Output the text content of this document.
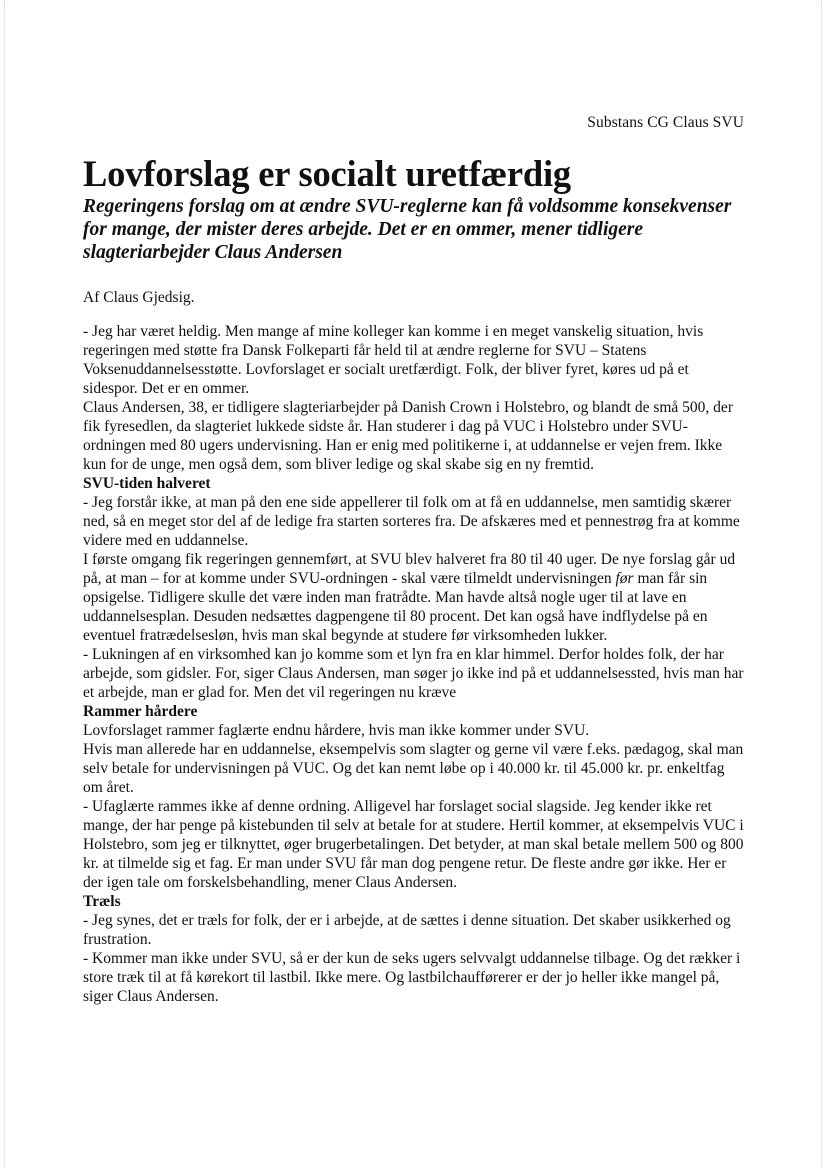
Substans CG Claus SVU
Lovforslag er socialt uretfærdig

Regeringens forslag om at ændre SVU-reglerne kan få voldsomme konsekvenser for mange, der mister deres arbejde. Det er en ommer, mener tidligere slagteriarbejder Claus Andersen

Af Claus Gjedsig.

- Jeg har været heldig. Men mange af mine kolleger kan komme i en meget vanskelig situation, hvis regeringen med støtte fra Dansk Folkeparti får held til at ændre reglerne for SVU – Statens Voksenuddannelsesstøtte. Lovforslaget er socialt uretfærdigt. Folk, der bliver fyret, køres ud på et sidespor. Det er en ommer.

Claus Andersen, 38, er tidligere slagteriarbejder på Danish Crown i Holstebro, og blandt de små 500, der fik fyresedlen, da slagteriet lukkede sidste år. Han studerer i dag på VUC i Holstebro under SVU-ordningen med 80 ugers undervisning. Han er enig med politikerne i, at uddannelse er vejen frem. Ikke kun for de unge, men også dem, som bliver ledige og skal skabe sig en ny fremtid.

SVU-tiden halveret

- Jeg forstår ikke, at man på den ene side appellerer til folk om at få en uddannelse, men samtidig skærer ned, så en meget stor del af de ledige fra starten sorteres fra. De afskæres med et pennestrøg fra at komme videre med en uddannelse.

I første omgang fik regeringen gennemført, at SVU blev halveret fra 80 til 40 uger. De nye forslag går ud på, at man – for at komme under SVU-ordningen - skal være tilmeldt undervisningen før man får sin opsigelse. Tidligere skulle det være inden man fratrådte. Man havde altså nogle uger til at lave en uddannelsesplan. Desuden nedsættes dagpengene til 80 procent. Det kan også have indflydelse på en eventuel fratrædelsesløn, hvis man skal begynde at studere før virksomheden lukker.

- Lukningen af en virksomhed kan jo komme som et lyn fra en klar himmel. Derfor holdes folk, der har arbejde, som gidsler. For, siger Claus Andersen, man søger jo ikke ind på et uddannelsessted, hvis man har et arbejde, man er glad for. Men det vil regeringen nu kræve

Rammer hårdere

Lovforslaget rammer faglærte endnu hårdere, hvis man ikke kommer under SVU.

Hvis man allerede har en uddannelse, eksempelvis som slagter og gerne vil være f.eks. pædagog, skal man selv betale for undervisningen på VUC. Og det kan nemt løbe op i 40.000 kr. til 45.000 kr. pr. enkeltfag om året.

- Ufaglærte rammes ikke af denne ordning. Alligevel har forslaget social slagside. Jeg kender ikke ret mange, der har penge på kistebunden til selv at betale for at studere. Hertil kommer, at eksempelvis VUC i Holstebro, som jeg er tilknyttet, øger brugerbetalingen. Det betyder, at man skal betale mellem 500 og 800 kr. at tilmelde sig et fag. Er man under SVU får man dog pengene retur. De fleste andre gør ikke. Her er der igen tale om forskelsbehandling, mener Claus Andersen.

Træls

- Jeg synes, det er træls for folk, der er i arbejde, at de sættes i denne situation. Det skaber usikkerhed og frustration.

- Kommer man ikke under SVU, så er der kun de seks ugers selvvalgt uddannelse tilbage. Og det rækker i store træk til at få kørekort til lastbil. Ikke mere. Og lastbilchaufførerer er der jo heller ikke mangel på, siger Claus Andersen.
